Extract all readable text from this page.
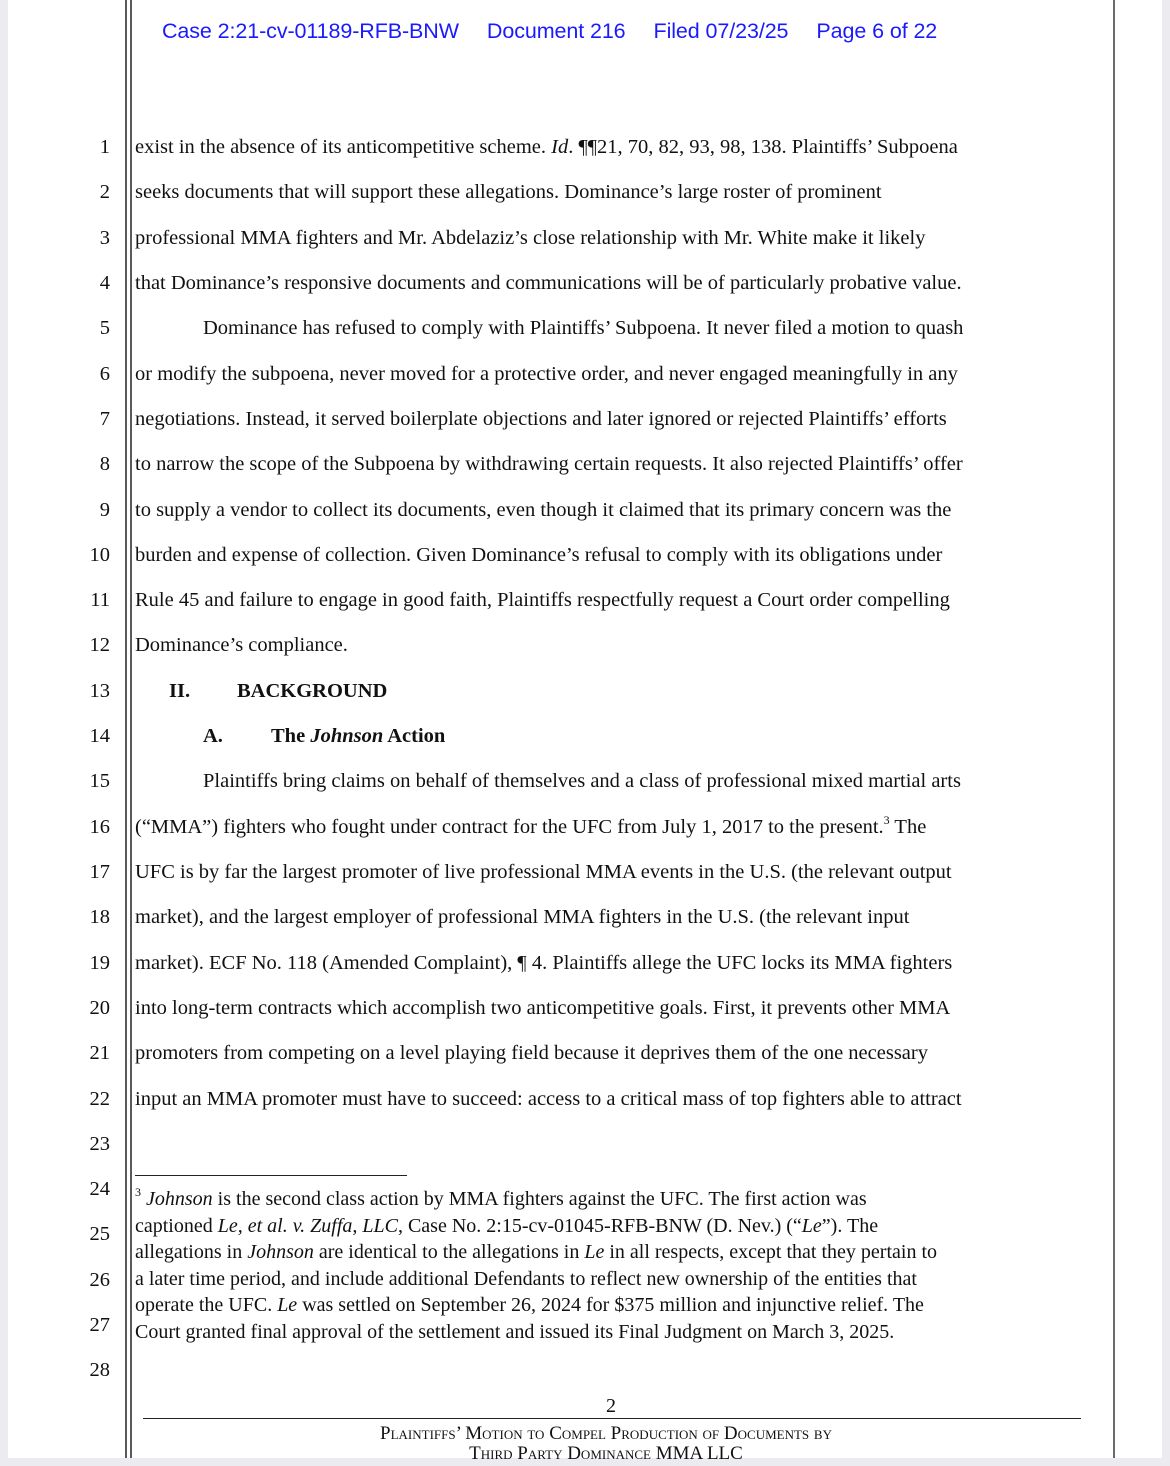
Case 2:21-cv-01189-RFB-BNW Document 216 Filed 07/23/25 Page 6 of 22
1
2
3
4
5
6
7
8
9
10
11
12
13
14
15
16
17
18
19
20
21
22
23
24
25
26
27
28
exist in the absence of its anticompetitive scheme. Id. ¶¶21, 70, 82, 93, 98, 138. Plaintiffs’ Subpoena
seeks documents that will support these allegations. Dominance’s large roster of prominent
professional MMA fighters and Mr. Abdelaziz’s close relationship with Mr. White make it likely
that Dominance’s responsive documents and communications will be of particularly probative value.
Dominance has refused to comply with Plaintiffs’ Subpoena. It never filed a motion to quash
or modify the subpoena, never moved for a protective order, and never engaged meaningfully in any
negotiations. Instead, it served boilerplate objections and later ignored or rejected Plaintiffs’ efforts
to narrow the scope of the Subpoena by withdrawing certain requests. It also rejected Plaintiffs’ offer
to supply a vendor to collect its documents, even though it claimed that its primary concern was the
burden and expense of collection. Given Dominance’s refusal to comply with its obligations under
Rule 45 and failure to engage in good faith, Plaintiffs respectfully request a Court order compelling
Dominance’s compliance.
II. BACKGROUND
A. The Johnson Action
Plaintiffs bring claims on behalf of themselves and a class of professional mixed martial arts
(“MMA”) fighters who fought under contract for the UFC from July 1, 2017 to the present.$^3$ The
UFC is by far the largest promoter of live professional MMA events in the U.S. (the relevant output
market), and the largest employer of professional MMA fighters in the U.S. (the relevant input
market). ECF No. 118 (Amended Complaint), ¶ 4. Plaintiffs allege the UFC locks its MMA fighters
into long-term contracts which accomplish two anticompetitive goals. First, it prevents other MMA
promoters from competing on a level playing field because it deprives them of the one necessary
input an MMA promoter must have to succeed: access to a critical mass of top fighters able to attract
$^3$ Johnson is the second class action by MMA fighters against the UFC. The first action was
captioned Le, et al. v. Zuffa, LLC, Case No. 2:15-cv-01045-RFB-BNW (D. Nev.) (“Le”). The
allegations in Johnson are identical to the allegations in Le in all respects, except that they pertain to
a later time period, and include additional Defendants to reflect new ownership of the entities that
operate the UFC. Le was settled on September 26, 2024 for $375 million and injunctive relief. The
Court granted final approval of the settlement and issued its Final Judgment on March 3, 2025.
2
Plaintiffs’ Motion to Compel Production of Documents by
Third Party Dominance MMA LLC
